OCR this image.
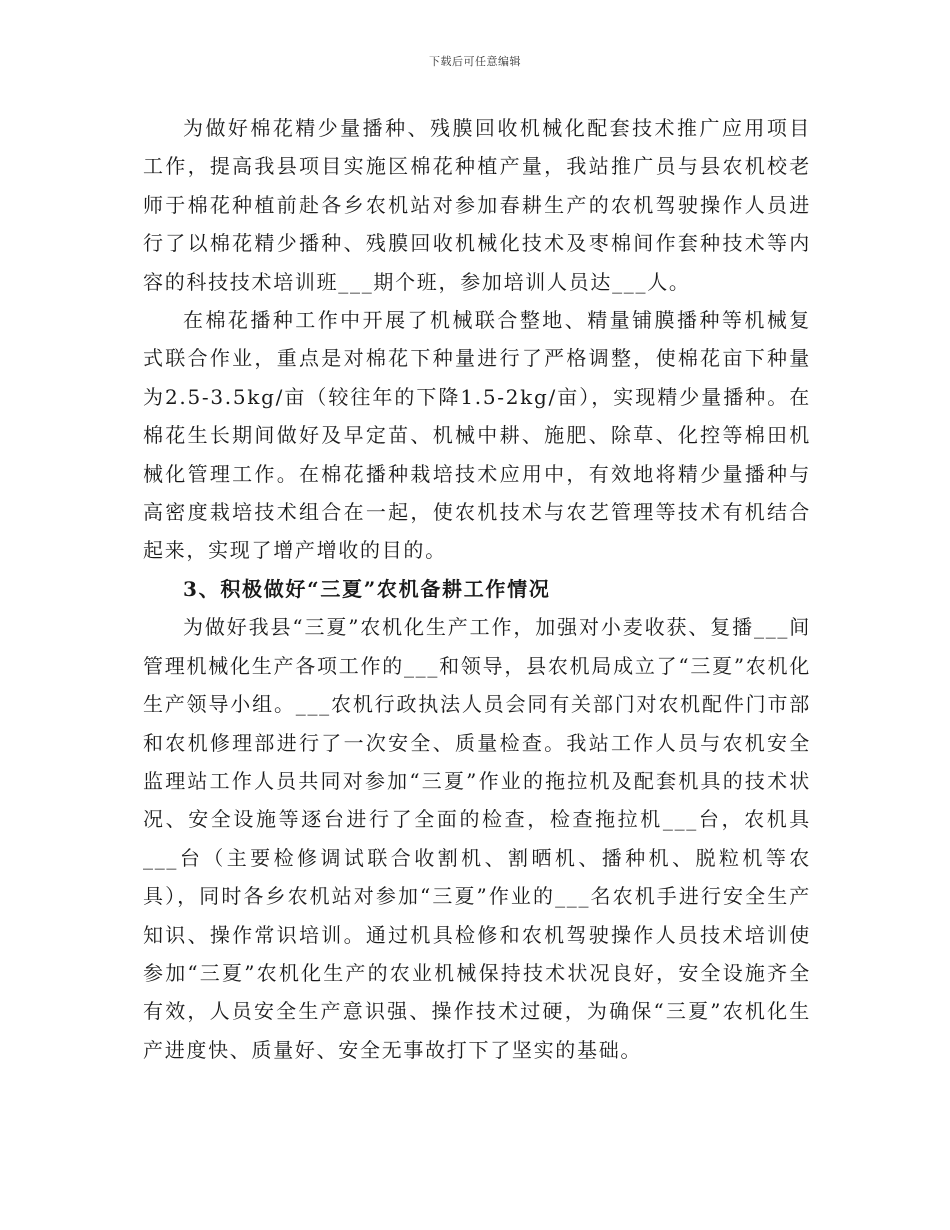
下载后可任意编辑

为做好棉花精少量播种、残膜回收机械化配套技术推广应用项目工作，提高我县项目实施区棉花种植产量，我站推广员与县农机校老师于棉花种植前赴各乡农机站对参加春耕生产的农机驾驶操作人员进行了以棉花精少播种、残膜回收机械化技术及枣棉间作套种技术等内容的科技技术培训班___期个班，参加培训人员达___人。

在棉花播种工作中开展了机械联合整地、精量铺膜播种等机械复式联合作业，重点是对棉花下种量进行了严格调整，使棉花亩下种量为2.5-3.5kg/亩（较往年的下降1.5-2kg/亩），实现精少量播种。在棉花生长期间做好及早定苗、机械中耕、施肥、除草、化控等棉田机械化管理工作。在棉花播种栽培技术应用中，有效地将精少量播种与高密度栽培技术组合在一起，使农机技术与农艺管理等技术有机结合起来，实现了增产增收的目的。

3、积极做好“三夏”农机备耕工作情况

为做好我县“三夏”农机化生产工作，加强对小麦收获、复播___间管理机械化生产各项工作的___和领导，县农机局成立了“三夏”农机化生产领导小组。___农机行政执法人员会同有关部门对农机配件门市部和农机修理部进行了一次安全、质量检查。我站工作人员与农机安全监理站工作人员共同对参加“三夏”作业的拖拉机及配套机具的技术状况、安全设施等逐台进行了全面的检查，检查拖拉机___台，农机具___台（主要检修调试联合收割机、割晒机、播种机、脱粒机等农具），同时各乡农机站对参加“三夏”作业的___名农机手进行安全生产知识、操作常识培训。通过机具检修和农机驾驶操作人员技术培训使参加“三夏”农机化生产的农业机械保持技术状况良好，安全设施齐全有效，人员安全生产意识强、操作技术过硬，为确保“三夏”农机化生产进度快、质量好、安全无事故打下了坚实的基础。
